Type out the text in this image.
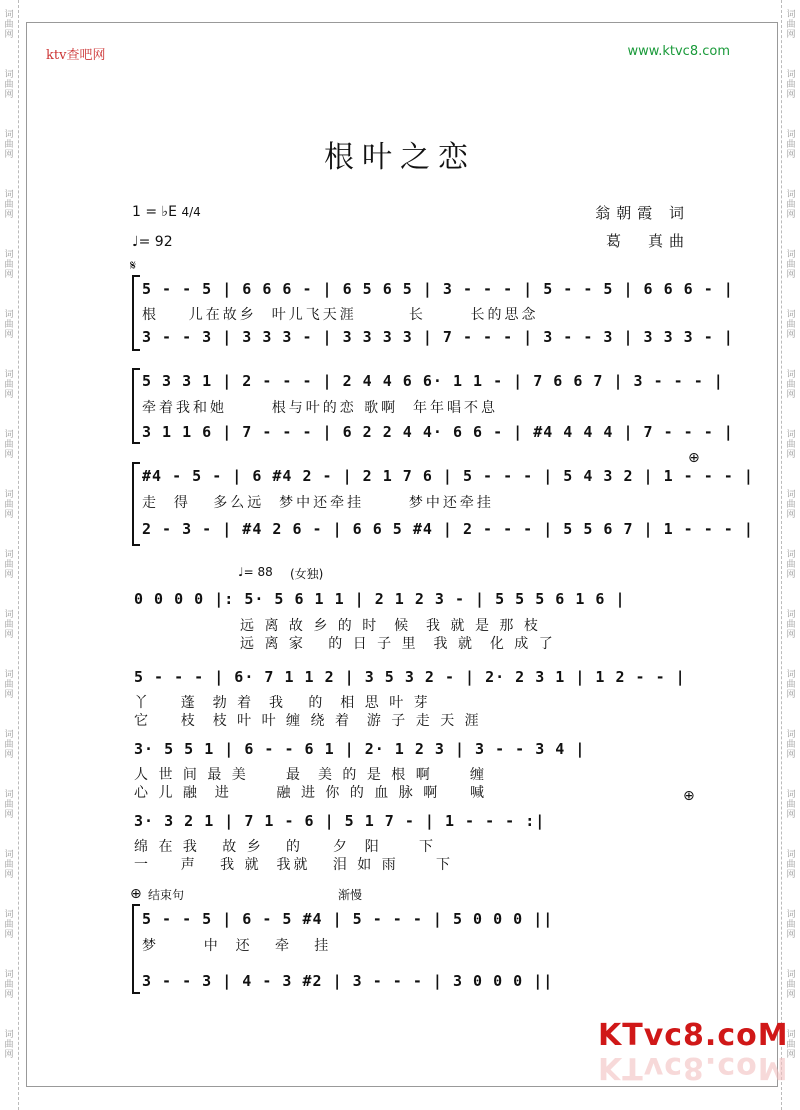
词
曲
网
词
曲
网
词
曲
网
词
曲
网
词
曲
网
词
曲
网
词
曲
网
词
曲
网
词
曲
网
词
曲
网
词
曲
网
词
曲
网
词
曲
网
词
曲
网
词
曲
网
词
曲
网
词
曲
网
词
曲
网
词
曲
网
词
曲
网
词
曲
网
词
曲
网
词
曲
网
词
曲
网
词
曲
网
词
曲
网
词
曲
网
词
曲
网
词
曲
网
词
曲
网
词
曲
网
词
曲
网
词
曲
网
词
曲
网
词
曲
网
词
曲
网
ktv查吧网	www.ktvc8.com
根叶之恋
1 = ♭E 4/4
♩= 92
翁朝霞 词
葛　真曲
𝄋
5 - - 5 | 6 6 6 - | 6 5 6 5 | 3 - - - | 5 - - 5 | 6 6 6 - |
根    儿在故乡  叶儿飞天涯       长      长的思念
3 - - 3 | 3 3 3 - | 3 3 3 3 | 7 - - - | 3 - - 3 | 3 3 3 - |
5 3 3 1 | 2 - - - | 2 4 4 6 6· 1 1 - | 7 6 6 7 | 3 - - - |
牵着我和她      根与叶的恋 歌啊  年年唱不息
3 1 1 6 | 7 - - - | 6 2 2 4 4· 6 6 - | #4 4 4 4 | 7 - - - |
#4 - 5 - | 6 #4 2 - | 2 1 7 6 | 5 - - - | 5 4 3 2 | 1 - - - |
走  得   多么远  梦中还牵挂      梦中还牵挂
2 - 3 - | #4 2 6 - | 6 6 5 #4 | 2 - - - | 5 5 6 7 | 1 - - - |
⊕
♩= 88 (女独)
0 0 0 0 |: 5· 5 6 1 1 | 2 1 2 3 - | 5 5 5 6 1 6 |
远 离 故 乡 的 时  候  我 就 是 那 枝
远 离 家   的 日 子 里  我 就  化 成 了
5 - - - | 6· 7 1 1 2 | 3 5 3 2 - | 2· 2 3 1 | 1 2 - - |
丫    蓬  勃 着  我   的  相 思 叶 芽
它    枝  枝 叶 叶 缠 绕 着  游 子 走 天 涯
3· 5 5 1 | 6 - - 6 1 | 2· 1 2 3 | 3 - - 3 4 |
人 世 间 最 美     最  美 的 是 根 啊     缠
心 儿 融  进      融 进 你 的 血 脉 啊    喊	⊕
3· 3 2 1 | 7 1 - 6 | 5 1 7 - | 1 - - - :|
绵 在 我   故 乡   的    夕  阳     下
一    声   我 就  我就   泪 如 雨     下
⊕ 结束句	渐慢
5 - - 5 | 6 - 5 #4 | 5 - - - | 5 0 0 0 ||
梦      中  还   牵   挂
3 - - 3 | 4 - 3 #2 | 3 - - - | 3 0 0 0 ||
KTvc8.coM
KTvc8.coM
